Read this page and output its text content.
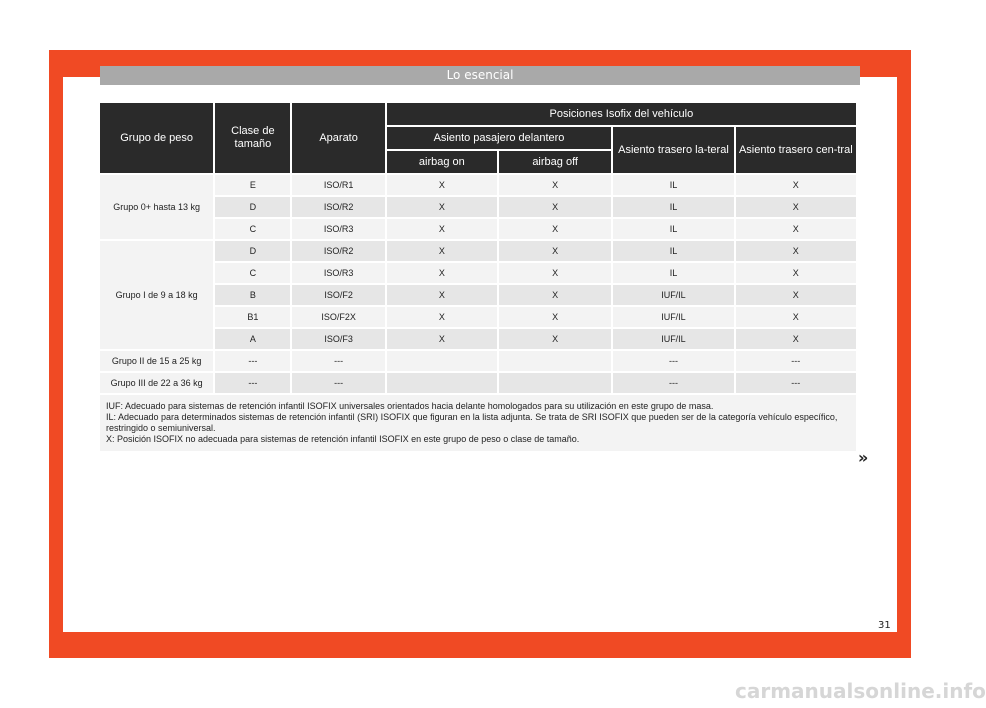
Lo esencial
Grupo de peso	Clase de tamaño	Aparato	Posiciones Isofix del vehículo			
			Asiento pasajero delantero		Asiento trasero la-teral	Asiento trasero cen-tral
			airbag on	airbag off		
Grupo 0+ hasta 13 kg	E	ISO/R1	X	X	IL	X
	D	ISO/R2	X	X	IL	X
	C	ISO/R3	X	X	IL	X
Grupo I de 9 a 18 kg	D	ISO/R2	X	X	IL	X
	C	ISO/R3	X	X	IL	X
	B	ISO/F2	X	X	IUF/IL	X
	B1	ISO/F2X	X	X	IUF/IL	X
	A	ISO/F3	X	X	IUF/IL	X
Grupo II de 15 a 25 kg	---	---			---	---
Grupo III de 22 a 36 kg	---	---			---	---

IUF: Adecuado para sistemas de retención infantil ISOFIX universales orientados hacia delante homologados para su utilización en este grupo de masa.
IL: Adecuado para determinados sistemas de retención infantil (SRI) ISOFIX que figuran en la lista adjunta. Se trata de SRI ISOFIX que pueden ser de la categoría vehículo específico, restringido o semiuniversal.
X: Posición ISOFIX no adecuada para sistemas de retención infantil ISOFIX en este grupo de peso o clase de tamaño.						
»
31
carmanualsonline.info
